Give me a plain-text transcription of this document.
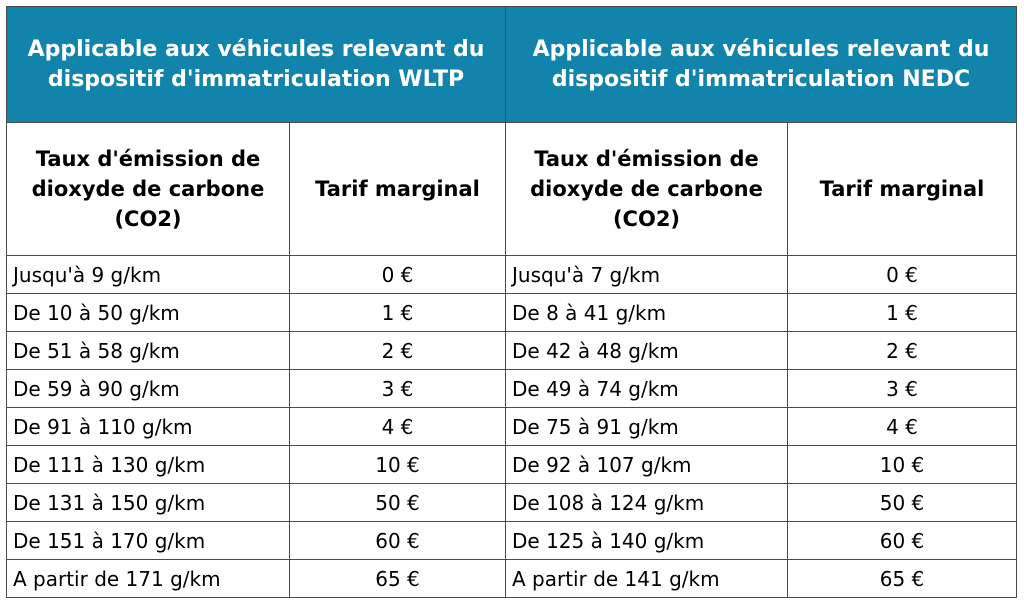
Applicable aux véhicules relevant du dispositif d'immatriculation WLTP		Applicable aux véhicules relevant du dispositif d'immatriculation NEDC	
Taux d'émission de dioxyde de carbone (CO2)	Tarif marginal	Taux d'émission de dioxyde de carbone (CO2)	Tarif marginal
Jusqu'à 9 g/km	0 €	Jusqu'à 7 g/km	0 €
De 10 à 50 g/km	1 €	De 8 à 41 g/km	1 €
De 51 à 58 g/km	2 €	De 42 à 48 g/km	2 €
De 59 à 90 g/km	3 €	De 49 à 74 g/km	3 €
De 91 à 110 g/km	4 €	De 75 à 91 g/km	4 €
De 111 à 130 g/km	10 €	De 92 à 107 g/km	10 €
De 131 à 150 g/km	50 €	De 108 à 124 g/km	50 €
De 151 à 170 g/km	60 €	De 125 à 140 g/km	60 €
A partir de 171 g/km	65 €	A partir de 141 g/km	65 €
